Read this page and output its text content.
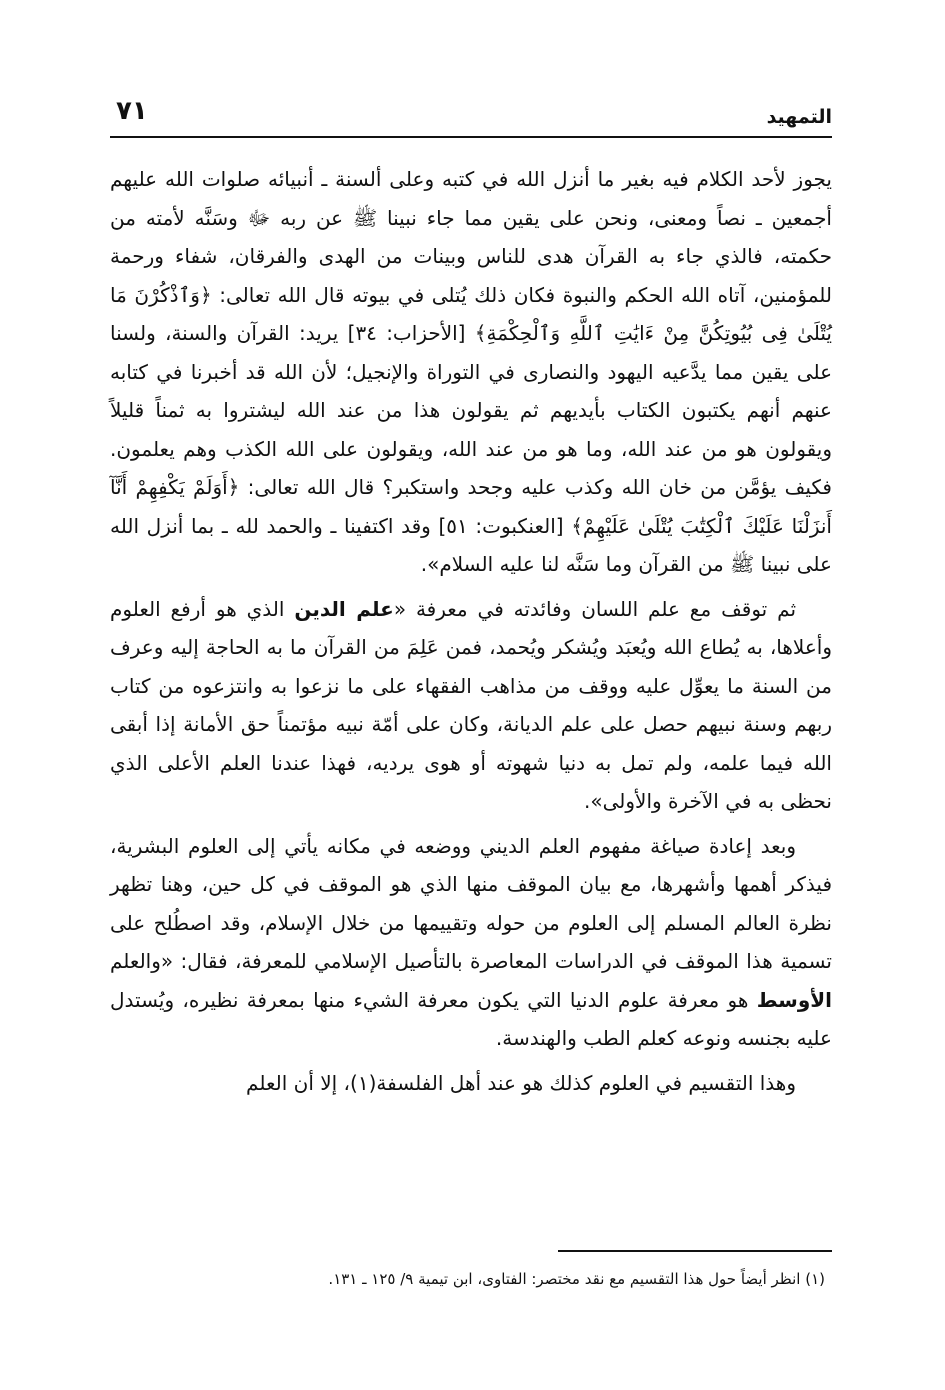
التمهيد
٧١

يجوز لأحد الكلام فيه بغير ما أنزل الله في كتبه وعلى ألسنة ـ أنبيائه صلوات الله عليهم أجمعين ـ نصاً ومعنى، ونحن على يقين مما جاء نبينا ﷺ عن ربه ﷻ وسَنَّه لأمته من حكمته، فالذي جاء به القرآن هدى للناس وبينات من الهدى والفرقان، شفاء ورحمة للمؤمنين، آتاه الله الحكم والنبوة فكان ذلك يُتلى في بيوته قال الله تعالى: ﴿وَٱذْكُرْنَ مَا يُتْلَىٰ فِى بُيُوتِكُنَّ مِنْ ءَايَٰتِ ٱللَّهِ وَٱلْحِكْمَةِ﴾ [الأحزاب: ٣٤] يريد: القرآن والسنة، ولسنا على يقين مما يدَّعيه اليهود والنصارى في التوراة والإنجيل؛ لأن الله قد أخبرنا في كتابه عنهم أنهم يكتبون الكتاب بأيديهم ثم يقولون هذا من عند الله ليشتروا به ثمناً قليلاً ويقولون هو من عند الله، وما هو من عند الله، ويقولون على الله الكذب وهم يعلمون. فكيف يؤمَّن من خان الله وكذب عليه وجحد واستكبر؟ قال الله تعالى: ﴿أَوَلَمْ يَكْفِهِمْ أَنَّآ أَنزَلْنَا عَلَيْكَ ٱلْكِتَٰبَ يُتْلَىٰ عَلَيْهِمْ﴾ [العنكبوت: ٥١] وقد اكتفينا ـ والحمد لله ـ بما أنزل الله على نبينا ﷺ من القرآن وما سَنَّه لنا عليه السلام».

ثم توقف مع علم اللسان وفائدته في معرفة «علم الدين الذي هو أرفع العلوم وأعلاها، به يُطاع الله ويُعبَد ويُشكر ويُحمد، فمن عَلِمَ من القرآن ما به الحاجة إليه وعرف من السنة ما يعوِّل عليه ووقف من مذاهب الفقهاء على ما نزعوا به وانتزعوه من كتاب ربهم وسنة نبيهم حصل على علم الديانة، وكان على أمّة نبيه مؤتمناً حق الأمانة إذا أبقى الله فيما علمه، ولم تمل به دنيا شهوته أو هوى يرديه، فهذا عندنا العلم الأعلى الذي نحظى به في الآخرة والأولى».

وبعد إعادة صياغة مفهوم العلم الديني ووضعه في مكانه يأتي إلى العلوم البشرية، فيذكر أهمها وأشهرها، مع بيان الموقف منها الذي هو الموقف في كل حين، وهنا تظهر نظرة العالم المسلم إلى العلوم من حوله وتقييمها من خلال الإسلام، وقد اصطُلح على تسمية هذا الموقف في الدراسات المعاصرة بالتأصيل الإسلامي للمعرفة، فقال: «والعلم الأوسط هو معرفة علوم الدنيا التي يكون معرفة الشيء منها بمعرفة نظيره، ويُستدل عليه بجنسه ونوعه كعلم الطب والهندسة.

وهذا التقسيم في العلوم كذلك هو عند أهل الفلسفة(١)، إلا أن العلم

(١) انظر أيضاً حول هذا التقسيم مع نقد مختصر: الفتاوى، ابن تيمية ٩/ ١٢٥ ـ ١٣١.
